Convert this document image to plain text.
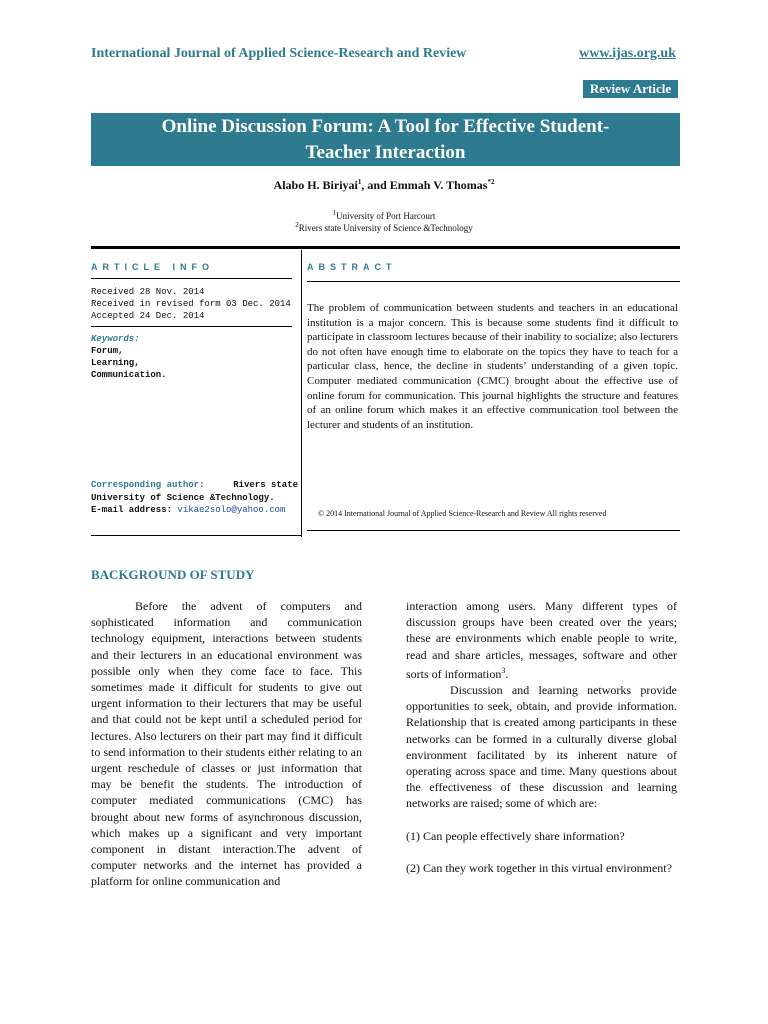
International Journal of Applied Science-Research and Review	www.ijas.org.uk
Review Article
Online Discussion Forum: A Tool for Effective Student-
Teacher Interaction
Alabo H. Biriyai$^1$, and Emmah V. Thomas$^{*2}$
$^1$University of Port Harcourt
$^2$Rivers state University of Science &Technology
ARTICLE INFO
Received 28 Nov. 2014
Received in revised form 03 Dec. 2014
Accepted 24 Dec. 2014
Keywords:
Forum,
Learning,
Communication.
Corresponding author:	Rivers state
University of Science &Technology.
E-mail address: vikae2solo@yahoo.com
ABSTRACT
The problem of communication between students and teachers in an educational institution is a major concern. This is because some students find it difficult to participate in classroom lectures because of their inability to socialize; also lecturers do not often have enough time to elaborate on the topics they have to teach for a particular class, hence, the decline in students’ understanding of a given topic. Computer mediated communication (CMC) brought about the effective use of online forum for communication. This journal highlights the structure and features of an online forum which makes it an effective communication tool between the lecturer and students of an institution.
© 2014 International Journal of Applied Science-Research and Review All rights reserved
BACKGROUND OF STUDY

Before the advent of computers and sophisticated information and communication technology equipment, interactions between students and their lecturers in an educational environment was possible only when they come face to face. This sometimes made it difficult for students to give out urgent information to their lecturers that may be useful and that could not be kept until a scheduled period for lectures. Also lecturers on their part may find it difficult to send information to their students either relating to an urgent reschedule of classes or just information that may be benefit the students. The introduction of computer mediated communications (CMC) has brought about new forms of asynchronous discussion, which makes up a significant and very important component in distant interaction.The advent of computer networks and the internet has provided a platform for online communication and

interaction among users. Many different types of discussion groups have been created over the years; these are environments which enable people to write, read and share articles, messages, software and other sorts of information$^3$.

Discussion and learning networks provide opportunities to seek, obtain, and provide information. Relationship that is created among participants in these networks can be formed in a culturally diverse global environment facilitated by its inherent nature of operating across space and time. Many questions about the effectiveness of these discussion and learning networks are raised; some of which are:

(1) Can people effectively share information?

(2) Can they work together in this virtual environment?
